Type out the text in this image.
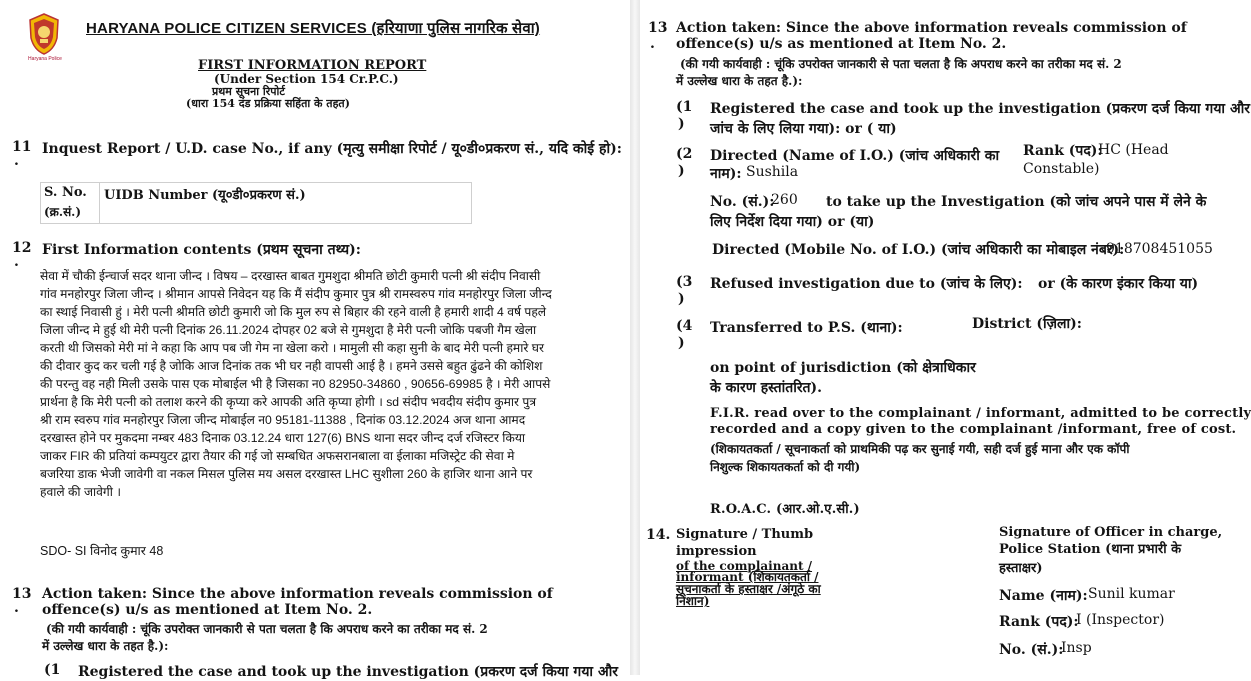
Haryana Police
HARYANA POLICE CITIZEN SERVICES (हरियाणा पुलिस नागरिक सेवा)
FIRST INFORMATION REPORT
(Under Section 154 Cr.P.C.)
प्रथम सूचना रिपोर्ट
(धारा 154 दंड प्रक्रिया सहिंता के तहत)
11
.
Inquest Report / U.D. case No., if any (मृत्यु समीक्षा रिपोर्ट / यू०डी०प्रकरण सं., यदि कोई हो):
S. No.
(क्र.सं.)
UIDB Number (यू०डी०प्रकरण सं.)
12
.
First Information contents (प्रथम सूचना तथ्य):
सेवा में चौकी ईन्चार्ज सदर थाना जीन्द । विषय – दरखास्त बाबत गुमशुदा श्रीमति छोटी कुमारी पत्नी श्री संदीप निवासी
गांव मनहोरपुर जिला जीन्द । श्रीमान आपसे निवेदन यह कि मैं संदीप कुमार पुत्र श्री रामस्वरुप गांव मनहोरपुर जिला जीन्द
का स्थाई निवासी हुं । मेरी पत्नी श्रीमति छोटी कुमारी जो कि मुल रुप से बिहार की रहने वाली है हमारी शादी 4 वर्ष पहले
जिला जीन्द मे हुई थी मेरी पत्नी दिनांक 26.11.2024 दोपहर 02 बजे से गुमशुदा है मेरी पत्नी जोकि पबजी गैम खेला
करती थी जिसको मेरी मां ने कहा कि आप पब जी गेम ना खेला करो । मामुली सी कहा सुनी के बाद मेरी पत्नी हमारे घर
की दीवार कुद कर चली गई है जोकि आज दिनांक तक भी घर नही वापसी आई है । हमने उससे बहुत ढुंढने की कोशिश
की परन्तु वह नही मिली उसके पास एक मोबाईल भी है जिसका न0 82950-34860 , 90656-69985 है । मेरी आपसे
प्रार्थना है कि मेरी पत्नी को तलाश करने की कृप्या करे आपकी अति कृप्या होगी । sd संदीप भवदीय संदीप कुमार पुत्र
श्री राम स्वरुप गांव मनहोरपुर जिला जीन्द मोबाईल न0 95181-11388 , दिनांक 03.12.2024 अज थाना आमद
दरखास्त होने पर मुकदमा नम्बर 483 दिनाक 03.12.24 धारा 127(6) BNS थाना सदर जीन्द दर्ज रजिस्टर किया
जाकर FIR की प्रतियां कम्पयुटर द्वारा तैयार की गई जो सम्बधित अफसरानबाला वा ईलाका मजिस्ट्रेट की सेवा मे
बजरिया डाक भेजी जावेगी वा नकल मिसल पुलिस मय असल दरखास्त LHC सुशीला 260 के हाजिर थाना आने पर
हवाले की जावेगी ।
SDO- SI विनोद कुमार 48
13
.
Action taken: Since the above information reveals commission of
offence(s) u/s as mentioned at Item No. 2.
(की गयी कार्यवाही : चूंकि उपरोक्त जानकारी से पता चलता है कि अपराध करने का तरीका मद सं. 2
में उल्लेख धारा के तहत है.):
(1 Registered the case and took up the investigation (प्रकरण दर्ज किया गया और
13
.
Action taken: Since the above information reveals commission of
offence(s) u/s as mentioned at Item No. 2.
(की गयी कार्यवाही : चूंकि उपरोक्त जानकारी से पता चलता है कि अपराध करने का तरीका मद सं. 2
में उल्लेख धारा के तहत है.):
(1
)
Registered the case and took up the investigation (प्रकरण दर्ज किया गया और
जांच के लिए लिया गया): or ( या)
(2
)
Directed (Name of I.O.) (जांच अधिकारी का
नाम): Sushila
Rank (पद):
HC (Head
Constable)
No. (सं.):
260 to take up the Investigation (को जांच अपने पास में लेने के
लिए निर्देश दिया गया) or (या)
Directed (Mobile No. of I.O.) (जांच अधिकारी का मोबाइल नंबर):
918708451055
(3
)
Refused investigation due to (जांच के लिए): or (के कारण इंकार किया या)
(4
)
Transferred to P.S. (थाना):	District (ज़िला):
on point of jurisdiction (को क्षेत्राधिकार
के कारण हस्तांतरित).
F.I.R. read over to the complainant / informant, admitted to be correctly
recorded and a copy given to the complainant /informant, free of cost.
(शिकायतकर्ता / सूचनाकर्ता को प्राथमिकी पढ़ कर सुनाई गयी, सही दर्ज हुई माना और एक कॉपी
निशुल्क शिकायतकर्ता को दी गयी)
R.O.A.C. (आर.ओ.ए.सी.)
14. Signature / Thumb
impression
of the complainant /
informant (शिकायतकर्ता /
सूचनाकर्ता के हस्ताक्षर /अंगूठे का
निशान)
Signature of Officer in charge,
Police Station (थाना प्रभारी के
हस्ताक्षर)
Name (नाम): Sunil kumar
Rank (पद):
I (Inspector)
No. (सं.):
Insp
